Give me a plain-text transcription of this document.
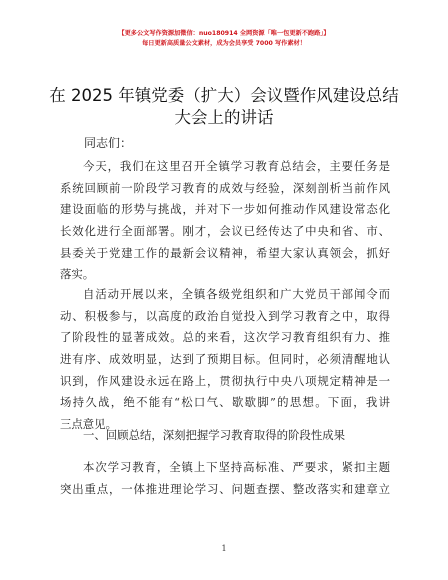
【更多公文写作资源加微信：nuo180914 全网资源「唯一包更新不跑路」】
每日更新高质量公文素材，成为会员享受 7000 写作素材！
在 2025 年镇党委（扩大）会议暨作风建设总结
大会上的讲话
同志们：
今天，我们在这里召开全镇学习教育总结会，主要任务是
系统回顾前一阶段学习教育的成效与经验，深刻剖析当前作风
建设面临的形势与挑战，并对下一步如何推动作风建设常态化
长效化进行全面部署。刚才，会议已经传达了中央和省、市、
县委关于党建工作的最新会议精神，希望大家认真领会，抓好
落实。
自活动开展以来，全镇各级党组织和广大党员干部闻令而
动、积极参与，以高度的政治自觉投入到学习教育之中，取得
了阶段性的显著成效。总的来看，这次学习教育组织有力、推
进有序、成效明显，达到了预期目标。但同时，必须清醒地认
识到，作风建设永远在路上，贯彻执行中央八项规定精神是一
场持久战，绝不能有“松口气、歇歇脚”的思想。下面，我讲
三点意见。
一、回顾总结，深刻把握学习教育取得的阶段性成果
本次学习教育，全镇上下坚持高标准、严要求，紧扣主题
突出重点，一体推进理论学习、问题查摆、整改落实和建章立
1
